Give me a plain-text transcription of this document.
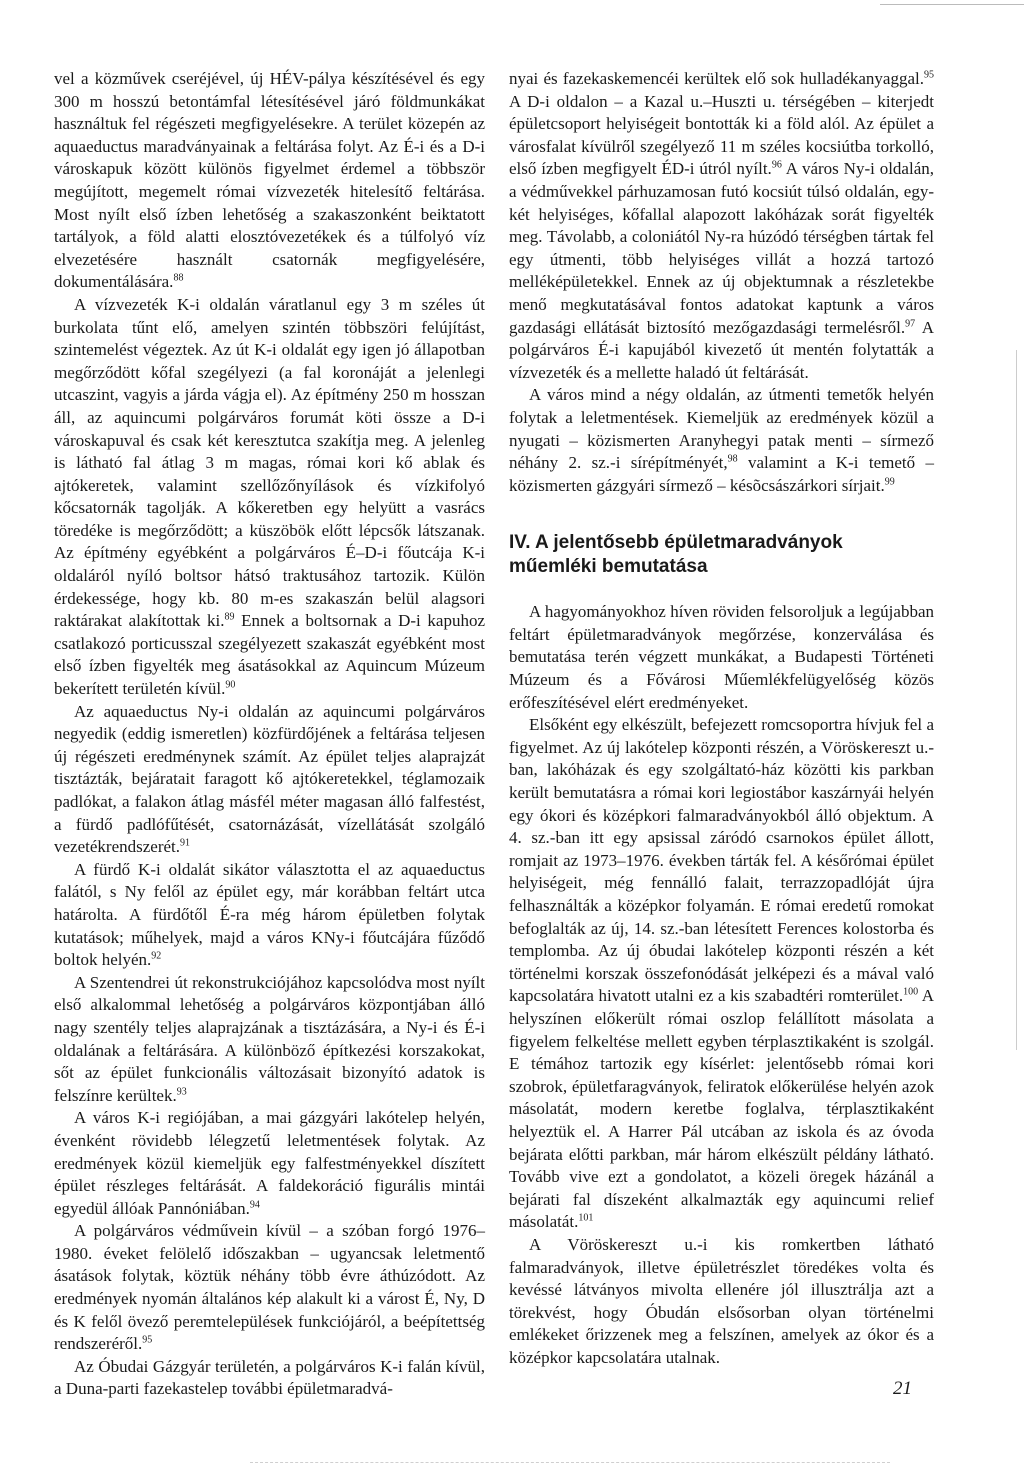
vel a közművek cseréjével, új HÉV-pálya készítésével és egy 300 m hosszú betontámfal létesítésével járó földmunkákat használtuk fel régészeti megfigyelésekre. A terület közepén az aquaeductus maradványainak a feltárása folyt. Az É-i és a D-i városkapuk között különös figyelmet érdemel a többször megújított, megemelt római vízvezeték hitelesítő feltárása. Most nyílt első ízben lehetőség a szakaszonként beiktatott tartályok, a föld alatti elosztóvezetékek és a túlfolyó víz elvezetésére használt csatornák megfigyelésére, dokumentálására.$^{88}$

A vízvezeték K-i oldalán váratlanul egy 3 m széles út burkolata tűnt elő, amelyen szintén többszöri felújítást, szintemelést végeztek. Az út K-i oldalát egy igen jó állapotban megőrződött kőfal szegélyezi (a fal koronáját a jelenlegi utcaszint, vagyis a járda vágja el). Az építmény 250 m hosszan áll, az aquincumi polgárváros forumát köti össze a D-i városkapuval és csak két keresztutca szakítja meg. A jelenleg is látható fal átlag 3 m magas, római kori kő ablak és ajtókeretek, valamint szellőzőnyílások és vízkifolyó kőcsatornák tagolják. A kőkeretben egy helyütt a vasrács töredéke is megőrződött; a küszöbök előtt lépcsők látszanak. Az építmény egyébként a polgárváros É–D-i főutcája K-i oldaláról nyíló boltsor hátsó traktusához tartozik. Külön érdekessége, hogy kb. 80 m-es szakaszán belül alagsori raktárakat alakítottak ki.$^{89}$ Ennek a boltsornak a D-i kapuhoz csatlakozó porticusszal szegélyezett szakaszát egyébként most első ízben figyelték meg ásatásokkal az Aquincum Múzeum bekerített területén kívül.$^{90}$

Az aquaeductus Ny-i oldalán az aquincumi polgárváros negyedik (eddig ismeretlen) közfürdőjének a feltárása teljesen új régészeti eredménynek számít. Az épület teljes alaprajzát tisztázták, bejáratait faragott kő ajtókeretekkel, téglamozaik padlókat, a falakon átlag másfél méter magasan álló falfestést, a fürdő padlófűtését, csatornázását, vízellátását szolgáló vezetékrendszerét.$^{91}$

A fürdő K-i oldalát sikátor választotta el az aquaeductus falától, s Ny felől az épület egy, már korábban feltárt utca határolta. A fürdőtől É-ra még három épületben folytak kutatások; műhelyek, majd a város KNy-i főutcájára fűződő boltok helyén.$^{92}$

A Szentendrei út rekonstrukciójához kapcsolódva most nyílt első alkalommal lehetőség a polgárváros központjában álló nagy szentély teljes alaprajzának a tisztázására, a Ny-i és É-i oldalának a feltárására. A különböző építkezési korszakokat, sőt az épület funkcionális változásait bizonyító adatok is felszínre kerültek.$^{93}$

A város K-i regiójában, a mai gázgyári lakótelep helyén, évenként rövidebb lélegzetű leletmentések folytak. Az eredmények közül kiemeljük egy falfestményekkel díszített épület részleges feltárását. A faldekoráció figurális mintái egyedül állóak Pannóniában.$^{94}$

A polgárváros védművein kívül – a szóban forgó 1976–1980. éveket felölelő időszakban – ugyancsak leletmentő ásatások folytak, köztük néhány több évre áthúzódott. Az eredmények nyomán általános kép alakult ki a várost É, Ny, D és K felől övező peremtelepülések funkciójáról, a beépítettség rendszeréről.$^{95}$

Az Óbudai Gázgyár területén, a polgárváros K-i falán kívül, a Duna-parti fazekastelep további épületmaradvá-

nyai és fazekaskemencéi kerültek elő sok hulladékanyaggal.$^{95}$ A D-i oldalon – a Kazal u.–Huszti u. térségében – kiterjedt épületcsoport helyiségeit bontották ki a föld alól. Az épület a városfalat kívülről szegélyező 11 m széles kocsiútba torkolló, első ízben megfigyelt ÉD-i útról nyílt.$^{96}$ A város Ny-i oldalán, a védművekkel párhuzamosan futó kocsiút túlsó oldalán, egy-két helyiséges, kőfallal alapozott lakóházak sorát figyelték meg. Távolabb, a coloniától Ny-ra húzódó térségben tártak fel egy útmenti, több helyiséges villát a hozzá tartozó melléképületekkel. Ennek az új objektumnak a részletekbe menő megkutatásával fontos adatokat kaptunk a város gazdasági ellátását biztosító mezőgazdasági termelésről.$^{97}$ A polgárváros É-i kapujából kivezető út mentén folytatták a vízvezeték és a mellette haladó út feltárását.

A város mind a négy oldalán, az útmenti temetők helyén folytak a leletmentések. Kiemeljük az eredmények közül a nyugati – közismerten Aranyhegyi patak menti – sírmező néhány 2. sz.-i sírépítményét,$^{98}$ valamint a K-i temető – közismerten gázgyári sírmező – késõcsászárkori sírjait.$^{99}$

IV. A jelentősebb épületmaradványok műemléki bemutatása

A hagyományokhoz híven röviden felsoroljuk a legújabban feltárt épületmaradványok megőrzése, konzerválása és bemutatása terén végzett munkákat, a Budapesti Történeti Múzeum és a Fővárosi Műemlékfelügyelőség közös erőfeszítésével elért eredményeket.

Elsőként egy elkészült, befejezett romcsoportra hívjuk fel a figyelmet. Az új lakótelep központi részén, a Vöröskereszt u.-ban, lakóházak és egy szolgáltató-ház közötti kis parkban került bemutatásra a római kori legiostábor kaszárnyái helyén egy ókori és középkori falmaradványokból álló objektum. A 4. sz.-ban itt egy apsissal záródó csarnokos épület állott, romjait az 1973–1976. években tárták fel. A későrómai épület helyiségeit, még fennálló falait, terrazzopadlóját újra felhasználták a középkor folyamán. E római eredetű romokat befoglalták az új, 14. sz.-ban létesített Ferences kolostorba és templomba. Az új óbudai lakótelep központi részén a két történelmi korszak összefonódását jelképezi és a mával való kapcsolatára hivatott utalni ez a kis szabadtéri romterület.$^{100}$ A helyszínen előkerült római oszlop felállított másolata a figyelem felkeltése mellett egyben térplasztikaként is szolgál. E témához tartozik egy kísérlet: jelentősebb római kori szobrok, épületfaragványok, feliratok előkerülése helyén azok másolatát, modern keretbe foglalva, térplasztikaként helyeztük el. A Harrer Pál utcában az iskola és az óvoda bejárata előtti parkban, már három elkészült példány látható. Tovább vive ezt a gondolatot, a közeli öregek házánál a bejárati fal díszeként alkalmazták egy aquincumi relief másolatát.$^{101}$

A Vöröskereszt u.-i kis romkertben látható falmaradványok, illetve épületrészlet töredékes volta és kevéssé látványos mivolta ellenére jól illusztrálja azt a törekvést, hogy Óbudán elsősorban olyan történelmi emlékeket őrizzenek meg a felszínen, amelyek az ókor és a középkor kapcsolatára utalnak.

21
